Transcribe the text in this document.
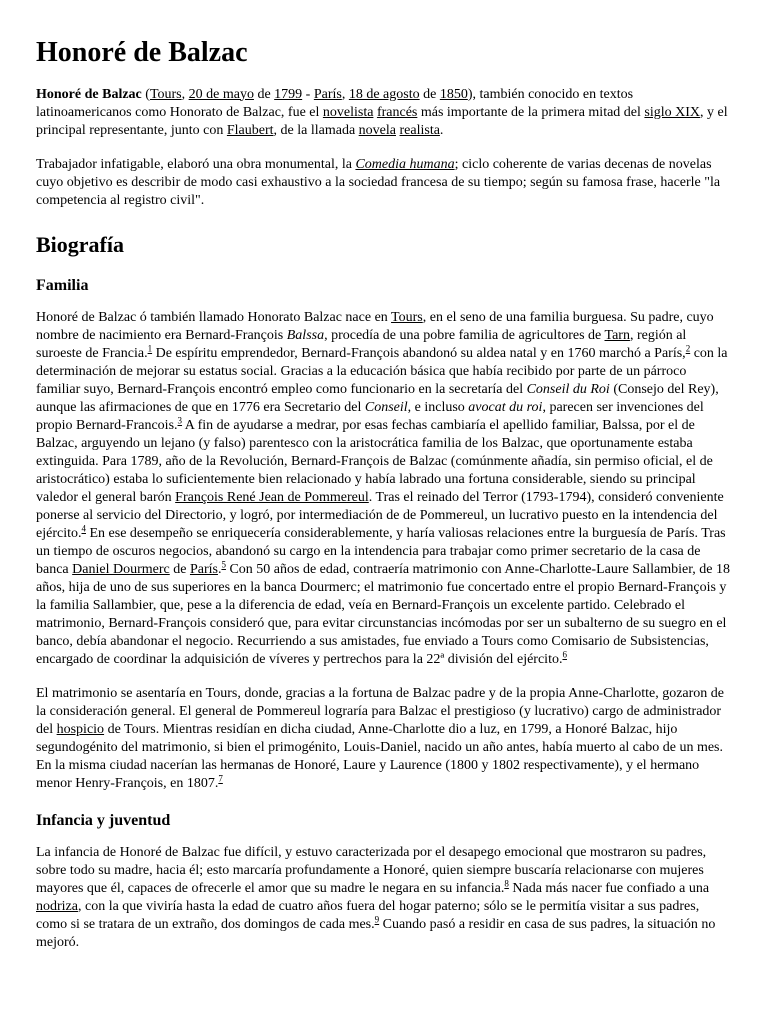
Honoré de Balzac

Honoré de Balzac (Tours, 20 de mayo de 1799 - París, 18 de agosto de 1850), también conocido en textos latinoamericanos como Honorato de Balzac, fue el novelista francés más importante de la primera mitad del siglo XIX, y el principal representante, junto con Flaubert, de la llamada novela realista.

Trabajador infatigable, elaboró una obra monumental, la Comedia humana; ciclo coherente de varias decenas de novelas cuyo objetivo es describir de modo casi exhaustivo a la sociedad francesa de su tiempo; según su famosa frase, hacerle "la competencia al registro civil".

Biografía
Familia

Honoré de Balzac ó también llamado Honorato Balzac nace en Tours, en el seno de una familia burguesa. Su padre, cuyo nombre de nacimiento era Bernard-François Balssa, procedía de una pobre familia de agricultores de Tarn, región al suroeste de Francia.$^1$ De espíritu emprendedor, Bernard-François abandonó su aldea natal y en 1760 marchó a París,$^2$ con la determinación de mejorar su estatus social. Gracias a la educación básica que había recibido por parte de un párroco familiar suyo, Bernard-François encontró empleo como funcionario en la secretaría del Conseil du Roi (Consejo del Rey), aunque las afirmaciones de que en 1776 era Secretario del Conseil, e incluso avocat du roi, parecen ser invenciones del propio Bernard-Francois.$^3$ A fin de ayudarse a medrar, por esas fechas cambiaría el apellido familiar, Balssa, por el de Balzac, arguyendo un lejano (y falso) parentesco con la aristocrática familia de los Balzac, que oportunamente estaba extinguida. Para 1789, año de la Revolución, Bernard-François de Balzac (comúnmente añadía, sin permiso oficial, el de aristocrático) estaba lo suficientemente bien relacionado y había labrado una fortuna considerable, siendo su principal valedor el general barón François René Jean de Pommereul. Tras el reinado del Terror (1793-1794), consideró conveniente ponerse al servicio del Directorio, y logró, por intermediación de de Pommereul, un lucrativo puesto en la intendencia del ejército.$^4$ En ese desempeño se enriquecería considerablemente, y haría valiosas relaciones entre la burguesía de París. Tras un tiempo de oscuros negocios, abandonó su cargo en la intendencia para trabajar como primer secretario de la casa de banca Daniel Dourmerc de París.$^5$ Con 50 años de edad, contraería matrimonio con Anne-Charlotte-Laure Sallambier, de 18 años, hija de uno de sus superiores en la banca Dourmerc; el matrimonio fue concertado entre el propio Bernard-François y la familia Sallambier, que, pese a la diferencia de edad, veía en Bernard-François un excelente partido. Celebrado el matrimonio, Bernard-François consideró que, para evitar circunstancias incómodas por ser un subalterno de su suegro en el banco, debía abandonar el negocio. Recurriendo a sus amistades, fue enviado a Tours como Comisario de Subsistencias, encargado de coordinar la adquisición de víveres y pertrechos para la 22ª división del ejército.$^6$

El matrimonio se asentaría en Tours, donde, gracias a la fortuna de Balzac padre y de la propia Anne-Charlotte, gozaron de la consideración general. El general de Pommereul lograría para Balzac el prestigioso (y lucrativo) cargo de administrador del hospicio de Tours. Mientras residían en dicha ciudad, Anne-Charlotte dio a luz, en 1799, a Honoré Balzac, hijo segundogénito del matrimonio, si bien el primogénito, Louis-Daniel, nacido un año antes, había muerto al cabo de un mes. En la misma ciudad nacerían las hermanas de Honoré, Laure y Laurence (1800 y 1802 respectivamente), y el hermano menor Henry-François, en 1807.$^7$

Infancia y juventud

La infancia de Honoré de Balzac fue difícil, y estuvo caracterizada por el desapego emocional que mostraron su padres, sobre todo su madre, hacia él; esto marcaría profundamente a Honoré, quien siempre buscaría relacionarse con mujeres mayores que él, capaces de ofrecerle el amor que su madre le negara en su infancia.$^8$ Nada más nacer fue confiado a una nodriza, con la que viviría hasta la edad de cuatro años fuera del hogar paterno; sólo se le permitía visitar a sus padres, como si se tratara de un extraño, dos domingos de cada mes.$^9$ Cuando pasó a residir en casa de sus padres, la situación no mejoró.
